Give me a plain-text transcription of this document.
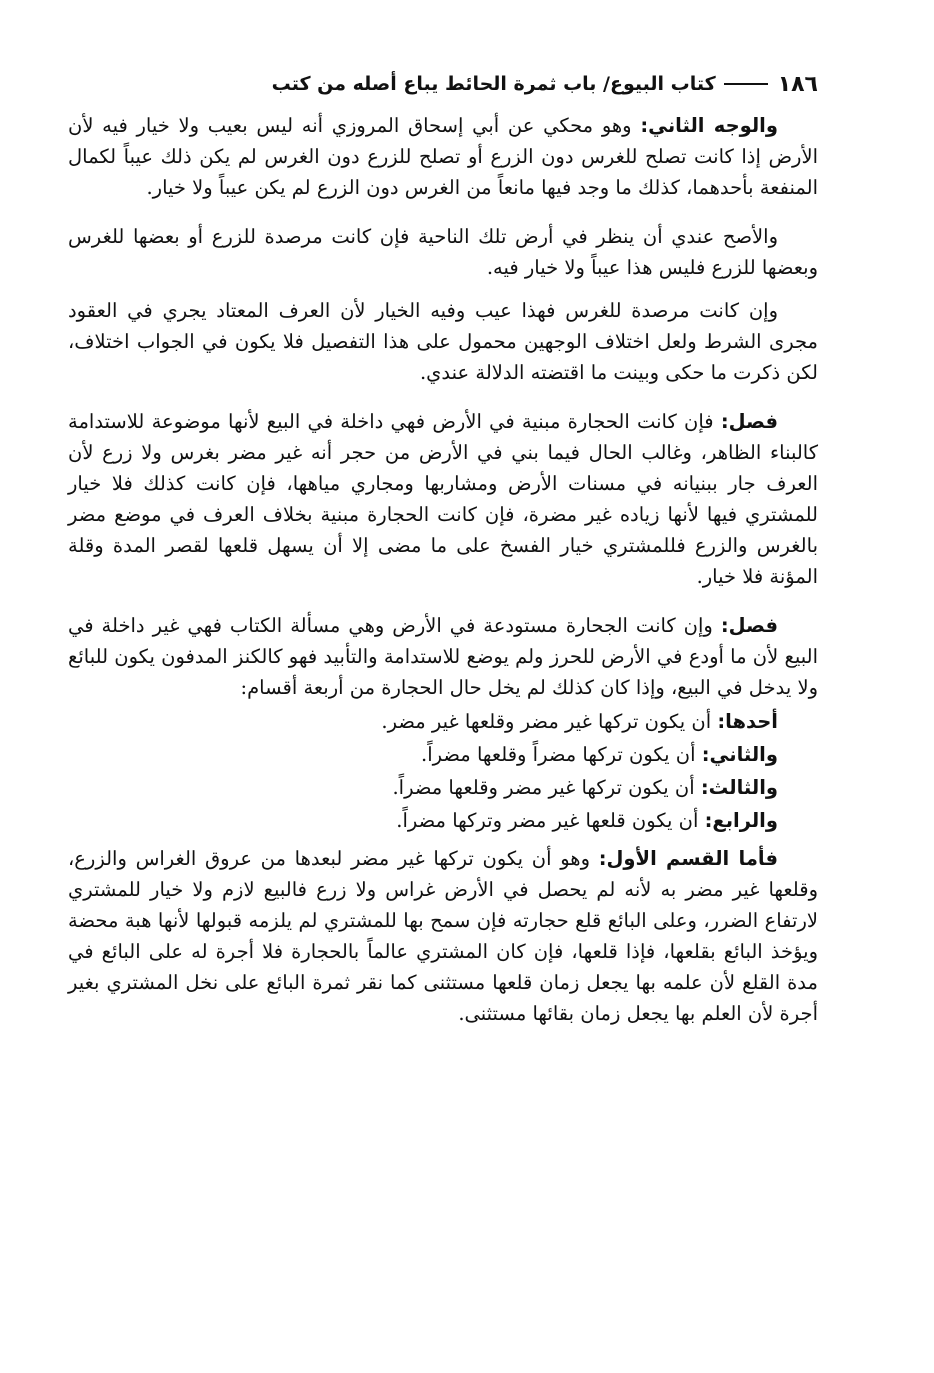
١٨٦
كتاب البيوع/ باب ثمرة الحائط يباع أصله من كتب

والوجه الثاني: وهو محكي عن أبي إسحاق المروزي أنه ليس بعيب ولا خيار فيه لأن الأرض إذا كانت تصلح للغرس دون الزرع أو تصلح للزرع دون الغرس لم يكن ذلك عيباً لكمال المنفعة بأحدهما، كذلك ما وجد فيها مانعاً من الغرس دون الزرع لم يكن عيباً ولا خيار.

والأصح عندي أن ينظر في أرض تلك الناحية فإن كانت مرصدة للزرع أو بعضها للغرس وبعضها للزرع فليس هذا عيباً ولا خيار فيه.

وإن كانت مرصدة للغرس فهذا عيب وفيه الخيار لأن العرف المعتاد يجري في العقود مجرى الشرط ولعل اختلاف الوجهين محمول على هذا التفصيل فلا يكون في الجواب اختلاف، لكن ذكرت ما حكى وبينت ما اقتضته الدلالة عندي.

فصل: فإن كانت الحجارة مبنية في الأرض فهي داخلة في البيع لأنها موضوعة للاستدامة كالبناء الظاهر، وغالب الحال فيما بني في الأرض من حجر أنه غير مضر بغرس ولا زرع لأن العرف جار ببنيانه في مسنات الأرض ومشاربها ومجاري مياهها، فإن كانت كذلك فلا خيار للمشتري فيها لأنها زياده غير مضرة، فإن كانت الحجارة مبنية بخلاف العرف في موضع مضر بالغرس والزرع فللمشتري خيار الفسخ على ما مضى إلا أن يسهل قلعها لقصر المدة وقلة المؤنة فلا خيار.

فصل: وإن كانت الجحارة مستودعة في الأرض وهي مسألة الكتاب فهي غير داخلة في البيع لأن ما أودع في الأرض للحرز ولم يوضع للاستدامة والتأبيد فهو كالكنز المدفون يكون للبائع ولا يدخل في البيع، وإذا كان كذلك لم يخل حال الحجارة من أربعة أقسام:

أحدها: أن يكون تركها غير مضر وقلعها غير مضر.
والثاني: أن يكون تركها مضراً وقلعها مضراً.
والثالث: أن يكون تركها غير مضر وقلعها مضراً.
والرابع: أن يكون قلعها غير مضر وتركها مضراً.

فأما القسم الأول: وهو أن يكون تركها غير مضر لبعدها من عروق الغراس والزرع، وقلعها غير مضر به لأنه لم يحصل في الأرض غراس ولا زرع فالبيع لازم ولا خيار للمشتري لارتفاع الضرر، وعلى البائع قلع حجارته فإن سمح بها للمشتري لم يلزمه قبولها لأنها هبة محضة ويؤخذ البائع بقلعها، فإذا قلعها، فإن كان المشتري عالماً بالحجارة فلا أجرة له على البائع في مدة القلع لأن علمه بها يجعل زمان قلعها مستثنى كما نقر ثمرة البائع على نخل المشتري بغير أجرة لأن العلم بها يجعل زمان بقائها مستثنى.
